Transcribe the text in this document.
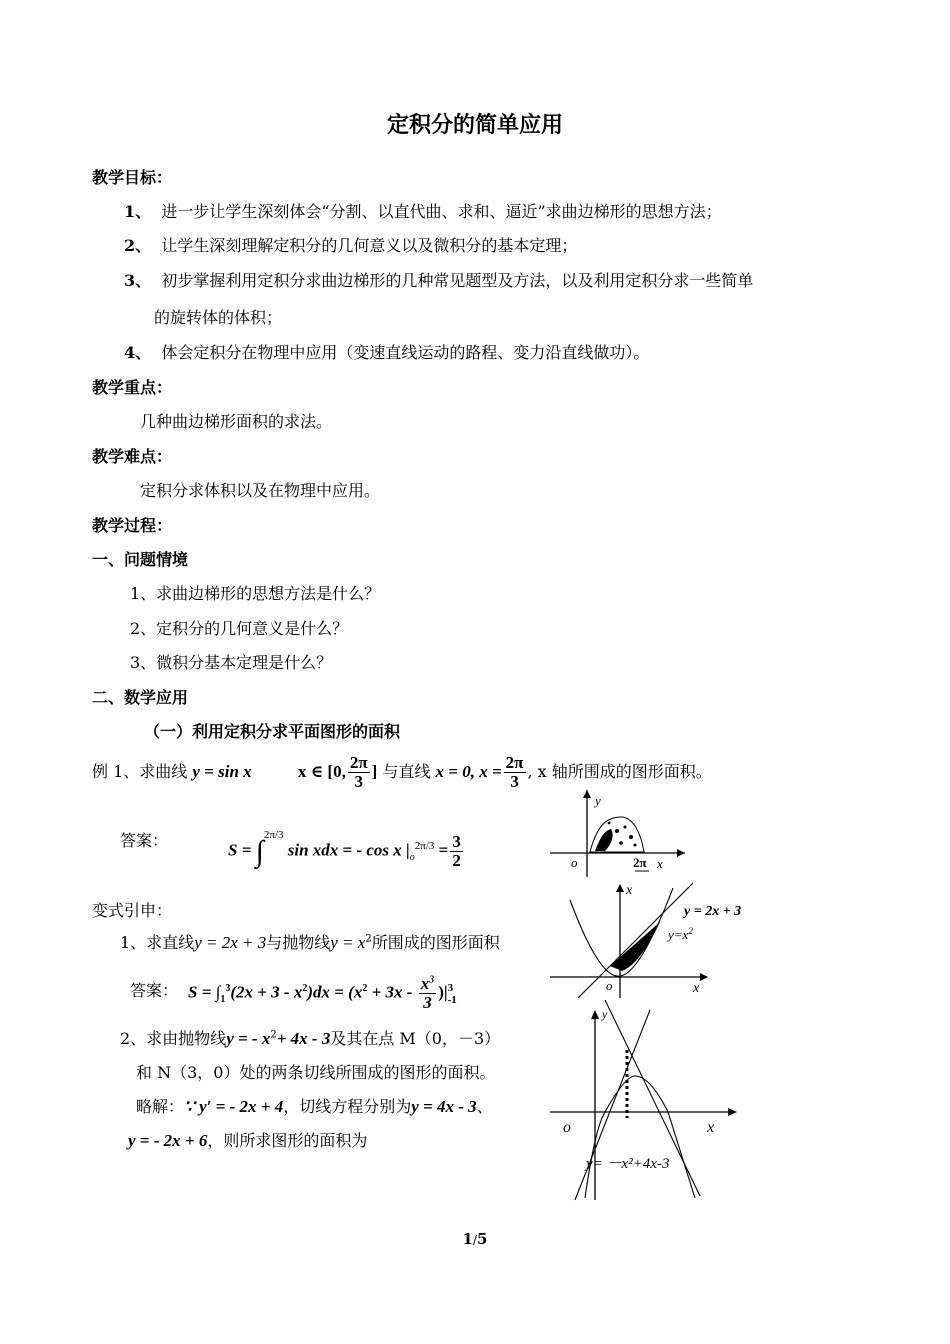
定积分的简单应用
教学目标：
1、 进一步让学生深刻体会“分割、以直代曲、求和、逼近”求曲边梯形的思想方法；
2、 让学生深刻理解定积分的几何意义以及微积分的基本定理；
3、 初步掌握利用定积分求曲边梯形的几种常见题型及方法，以及利用定积分求一些简单
的旋转体的体积；
4、 体会定积分在物理中应用（变速直线运动的路程、变力沿直线做功）。
教学重点：
几种曲边梯形面积的求法。
教学难点：
定积分求体积以及在物理中应用。
教学过程：
一、问题情境
1、求曲边梯形的思想方法是什么？
2、定积分的几何意义是什么？
3、微积分基本定理是什么？
二、数学应用
（一）利用定积分求平面图形的面积
例 1、求曲线 y = sin x	x ∈ [0, $\frac{2\pi}{3}$ ] 与直线 x = 0, $x = \frac{2\pi}{3}$ , x 轴所围成的图形面积。
答案：
S = ∫$^{2\pi/3}$ sin xdx = - cos x $|_o^{2\pi/3} = \frac{3}{2}$
y
o	x
2π
变式引申：
1、求直线y = 2x + 3与抛物线$y = x^2$所围成的图形面积
答案： $S = \int_1^3(2x + 3 - x^2)dx = (x^2 + 3x - \frac{x^3}{3}$ )| 3
-1
x
y = 2x + 3
$y=x^2$
o	x
2、求由抛物线y = - $x^2+ 4x - 3$及其在点 M（0，－3）
和 N（3，0）处的两条切线所围成的图形的面积。
略解：∵ y′ = - 2x + 4，切线方程分别为y = 4x - 3、
y = - 2x + 6，则所求图形的面积为
y
o	x
y= －x²+4x-3
1/5
